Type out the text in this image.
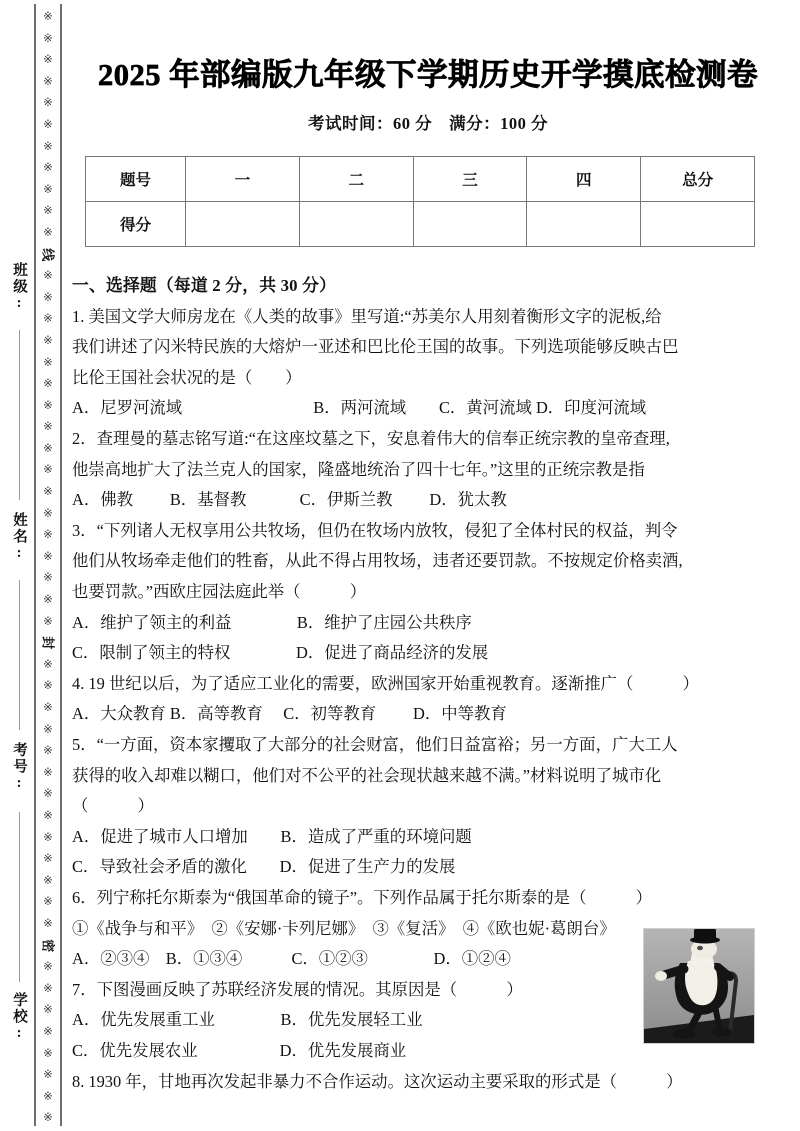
※
※
※
※
※
※
※
※
※
※
※
线
※
※
※
※
※
※
※
※
※
※
※
※
※
※
※
※
※
封
※
※
※
※
※
※
※
※
※
※
※
※
※
密
※
※
※
※
※
※
※
※
班级:
姓名:
考号:
学校:
2025 年部编版九年级下学期历史开学摸底检测卷
考试时间：60 分　满分：100 分
题号	一	二	三	四	总分
得分					
一、选择题（每道 2 分，共 30 分）
1. 美国文学大师房龙在《人类的故事》里写道:“苏美尔人用刻着衡形文字的泥板,给
我们讲述了闪米特民族的大熔炉一亚述和巴比伦王国的故事。下列选项能够反映古巴
比伦王国社会状况的是（　　）
A．尼罗河流域　　　　　　　　B．两河流域　　C．黄河流域 D．印度河流域
2．查理曼的墓志铭写道:“在这座坟墓之下，安息着伟大的信奉正统宗教的皇帝查理,
他崇高地扩大了法兰克人的国家，隆盛地统治了四十七年。”这里的正统宗教是指
A．佛教　　 B．基督教　　　 C．伊斯兰教　　 D．犹太教
3．“下列诸人无权享用公共牧场，但仍在牧场内放牧，侵犯了全体村民的权益，判令
他们从牧场牵走他们的牲畜，从此不得占用牧场，违者还要罚款。不按规定价格卖酒,
也要罚款。”西欧庄园法庭此举（　　　）
A．维护了领主的利益　　　　B．维护了庄园公共秩序
C．限制了领主的特权　　　　D．促进了商品经济的发展
4. 19 世纪以后，为了适应工业化的需要，欧洲国家开始重视教育。逐渐推广（　　　）
A．大众教育 B．高等教育　 C．初等教育　　 D．中等教育
5．“一方面，资本家攫取了大部分的社会财富，他们日益富裕；另一方面，广大工人
获得的收入却难以糊口，他们对不公平的社会现状越来越不满。”材料说明了城市化
（　　　）
A．促进了城市人口增加　　B．造成了严重的环境问题
C．导致社会矛盾的激化　　D．促进了生产力的发展
6．列宁称托尔斯泰为“俄国革命的镜子”。下列作品属于托尔斯泰的是（　　　）
①《战争与和平》　②《安娜·卡列尼娜》　③《复活》　④《欧也妮·葛朗台》
A．②③④　B．①③④　　　C．①②③　　　　D．①②④
7．下图漫画反映了苏联经济发展的情况。其原因是（　　　）
A．优先发展重工业　　　　B．优先发展轻工业
C．优先发展农业　　　　　D．优先发展商业
8. 1930 年，甘地再次发起非暴力不合作运动。这次运动主要采取的形式是（　　　）
